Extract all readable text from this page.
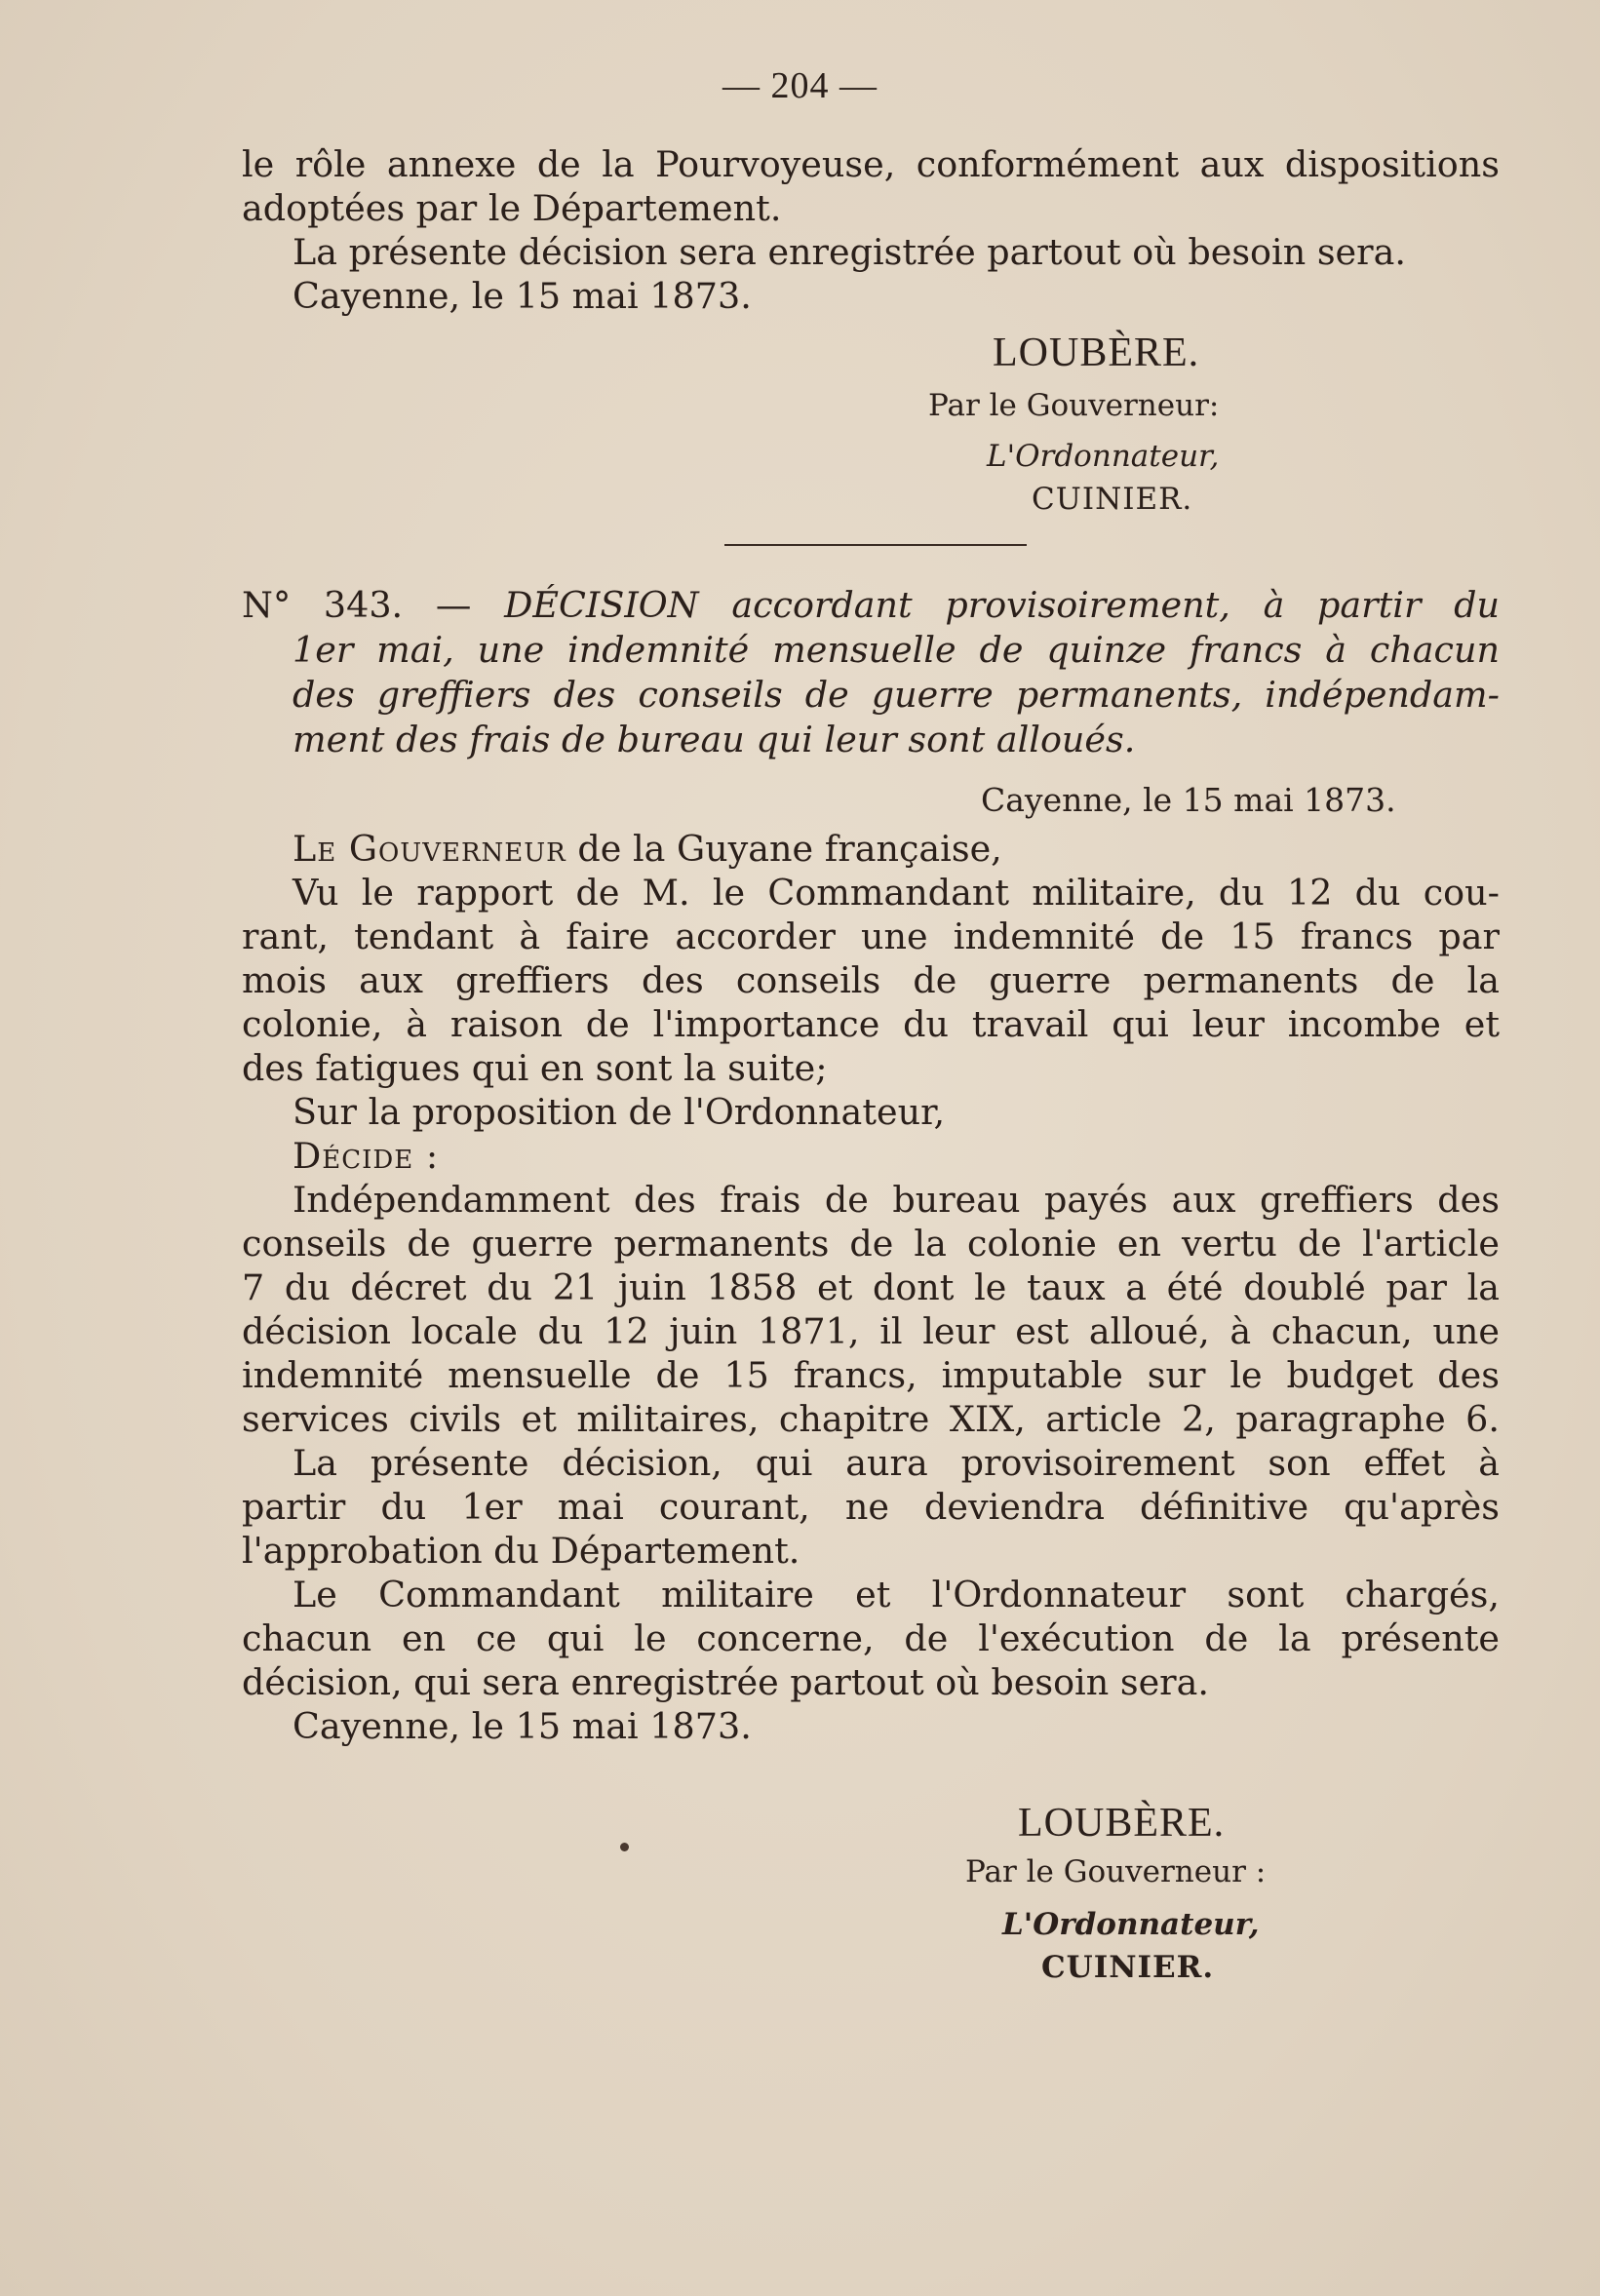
— 204 —

le rôle annexe de la Pourvoyeuse, conformément aux dispositions
adoptées par le Département.
La présente décision sera enregistrée partout où besoin sera.
Cayenne, le 15 mai 1873.

LOUBÈRE.
Par le Gouverneur:
L'Ordonnateur,
CUINIER.

N° 343. — DÉCISION accordant provisoirement, à partir du
1er mai, une indemnité mensuelle de quinze francs à chacun
des greffiers des conseils de guerre permanents, indépendam-
ment des frais de bureau qui leur sont alloués.

Cayenne, le 15 mai 1873.

Le Gouverneur de la Guyane française,
Vu le rapport de M. le Commandant militaire, du 12 du cou-
rant, tendant à faire accorder une indemnité de 15 francs par
mois aux greffiers des conseils de guerre permanents de la
colonie, à raison de l'importance du travail qui leur incombe et
des fatigues qui en sont la suite;
Sur la proposition de l'Ordonnateur,
Décide :
Indépendamment des frais de bureau payés aux greffiers des
conseils de guerre permanents de la colonie en vertu de l'article
7 du décret du 21 juin 1858 et dont le taux a été doublé par la
décision locale du 12 juin 1871, il leur est alloué, à chacun, une
indemnité mensuelle de 15 francs, imputable sur le budget des
services civils et militaires, chapitre XIX, article 2, paragraphe 6.
La présente décision, qui aura provisoirement son effet à
partir du 1er mai courant, ne deviendra définitive qu'après
l'approbation du Département.
Le Commandant militaire et l'Ordonnateur sont chargés,
chacun en ce qui le concerne, de l'exécution de la présente
décision, qui sera enregistrée partout où besoin sera.
Cayenne, le 15 mai 1873.

LOUBÈRE.
Par le Gouverneur :
L'Ordonnateur,
CUINIER.
